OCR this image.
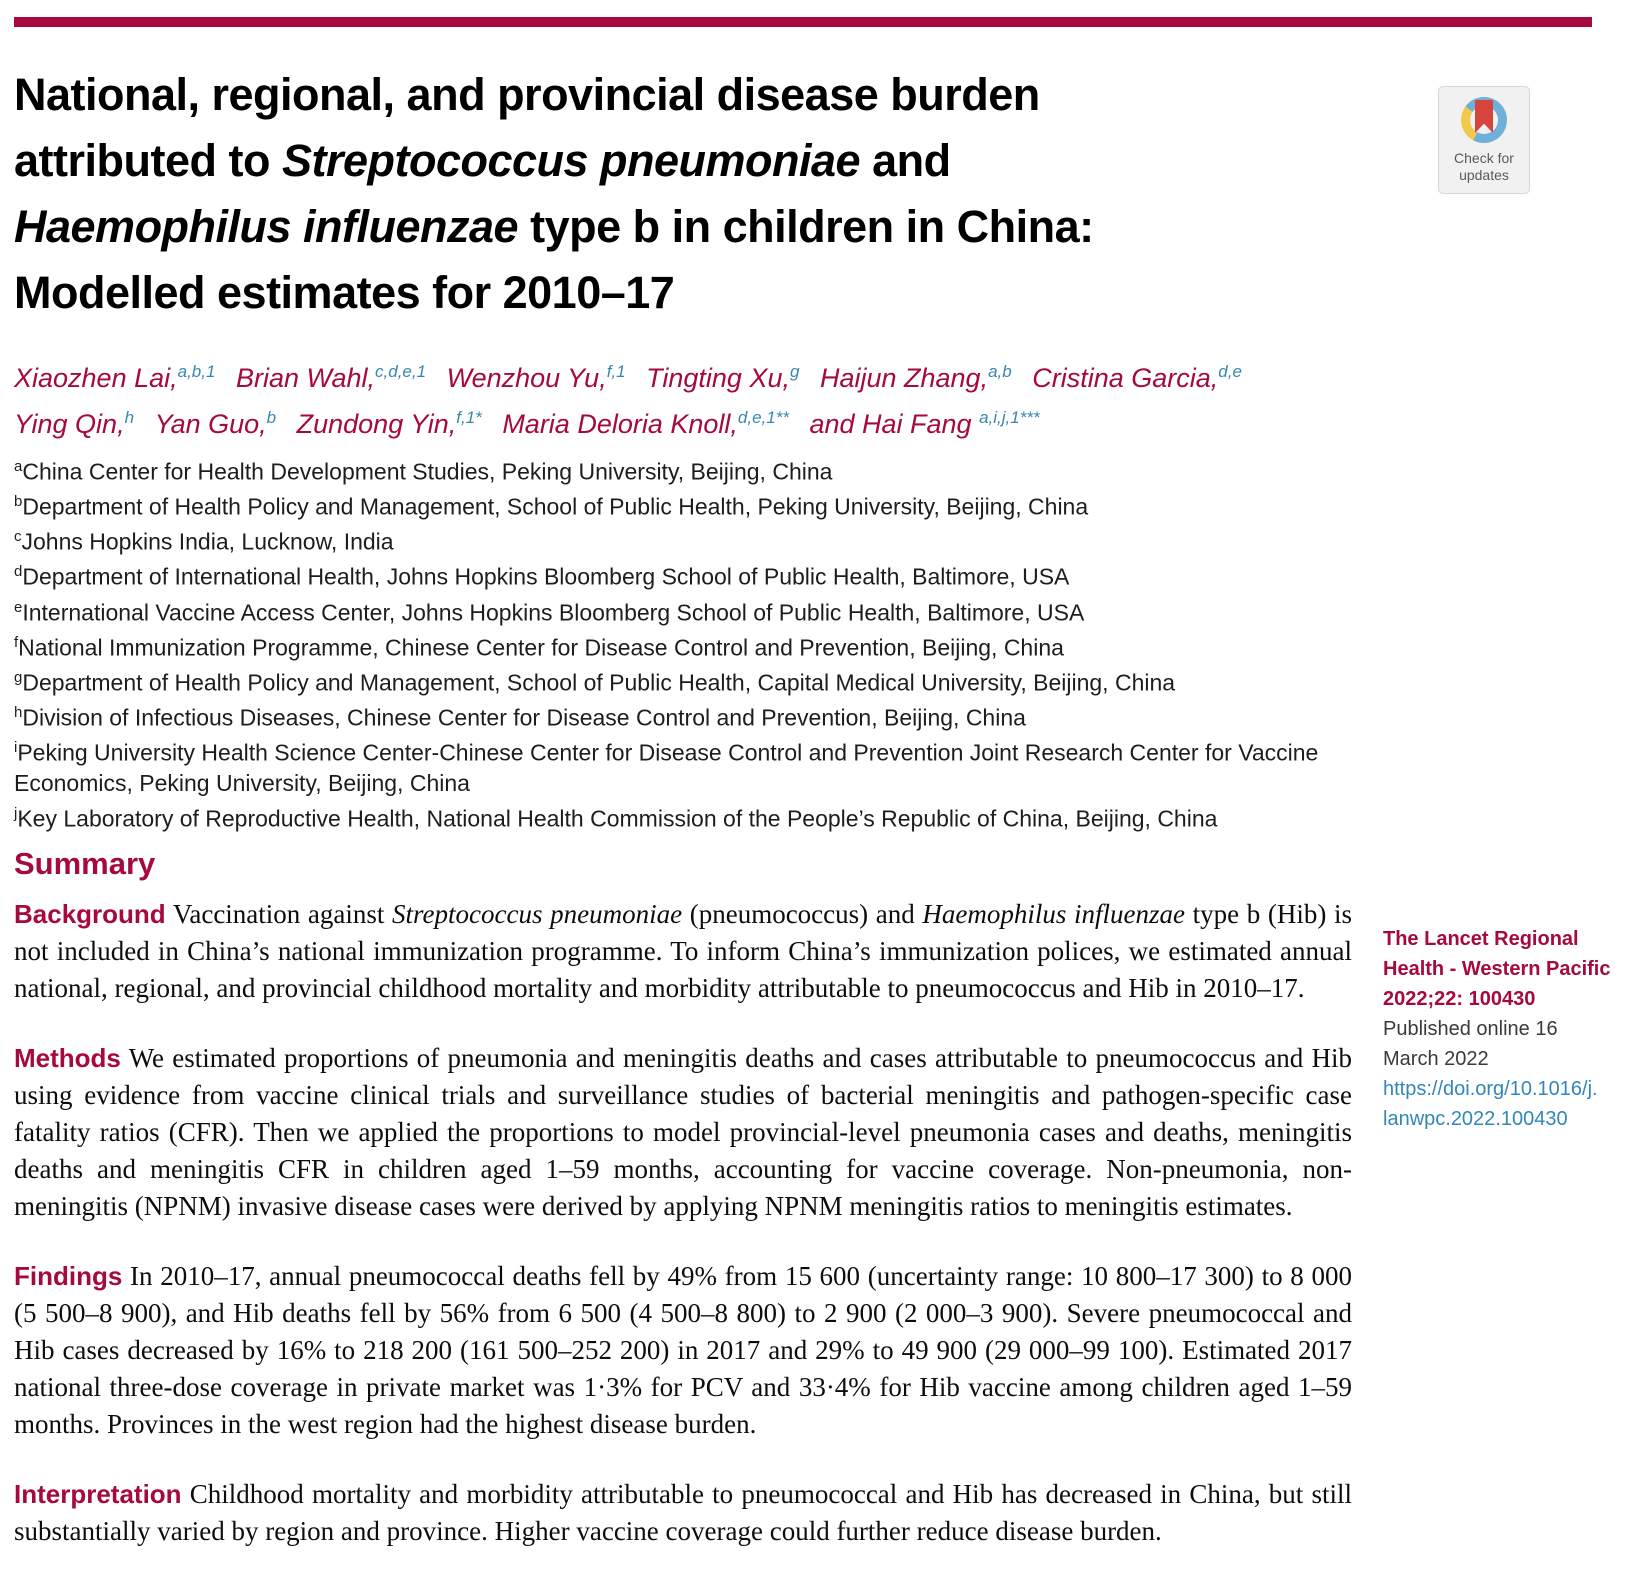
National, regional, and provincial disease burden
attributed to Streptococcus pneumoniae and
Haemophilus influenzae type b in children in China:
Modelled estimates for 2010–17
Check for
updates
Xiaozhen Lai,$^{a,b,1}$ Brian Wahl,$^{c,d,e,1}$ Wenzhou Yu,$^{f,1}$ Tingting Xu,$^g$ Haijun Zhang,$^{a,b}$ Cristina Garcia,$^{d,e}$ Ying Qin,$^h$ Yan Guo,$^b$ Zundong Yin,$^{f,1*}$ Maria Deloria Knoll,$^{d,e,1**}$ and Hai Fang $^{a,i,j,1***}$
$^a$China Center for Health Development Studies, Peking University, Beijing, China
$^b$Department of Health Policy and Management, School of Public Health, Peking University, Beijing, China
$^c$Johns Hopkins India, Lucknow, India
$^d$Department of International Health, Johns Hopkins Bloomberg School of Public Health, Baltimore, USA
$^e$International Vaccine Access Center, Johns Hopkins Bloomberg School of Public Health, Baltimore, USA
$^f$National Immunization Programme, Chinese Center for Disease Control and Prevention, Beijing, China
$^g$Department of Health Policy and Management, School of Public Health, Capital Medical University, Beijing, China
$^h$Division of Infectious Diseases, Chinese Center for Disease Control and Prevention, Beijing, China
$^i$Peking University Health Science Center-Chinese Center for Disease Control and Prevention Joint Research Center for Vaccine Economics, Peking University, Beijing, China
$^j$Key Laboratory of Reproductive Health, National Health Commission of the People’s Republic of China, Beijing, China
Summary

Background Vaccination against Streptococcus pneumoniae (pneumococcus) and Haemophilus influenzae type b (Hib) is not included in China’s national immunization programme. To inform China’s immunization polices, we estimated annual national, regional, and provincial childhood mortality and morbidity attributable to pneumococcus and Hib in 2010–17.

Methods We estimated proportions of pneumonia and meningitis deaths and cases attributable to pneumococcus and Hib using evidence from vaccine clinical trials and surveillance studies of bacterial meningitis and pathogen-specific case fatality ratios (CFR). Then we applied the proportions to model provincial-level pneumonia cases and deaths, meningitis deaths and meningitis CFR in children aged 1–59 months, accounting for vaccine coverage. Non-pneumonia, non-meningitis (NPNM) invasive disease cases were derived by applying NPNM meningitis ratios to meningitis estimates.

Findings In 2010–17, annual pneumococcal deaths fell by 49% from 15 600 (uncertainty range: 10 800–17 300) to 8 000 (5 500–8 900), and Hib deaths fell by 56% from 6 500 (4 500–8 800) to 2 900 (2 000–3 900). Severe pneumococcal and Hib cases decreased by 16% to 218 200 (161 500–252 200) in 2017 and 29% to 49 900 (29 000–99 100). Estimated 2017 national three-dose coverage in private market was 1·3% for PCV and 33·4% for Hib vaccine among children aged 1–59 months. Provinces in the west region had the highest disease burden.

Interpretation Childhood mortality and morbidity attributable to pneumococcal and Hib has decreased in China, but still substantially varied by region and province. Higher vaccine coverage could further reduce disease burden.

The Lancet Regional
Health - Western Pacific
2022;22: 100430
Published online 16
March 2022
https://doi.org/10.1016/j.
lanwpc.2022.100430
